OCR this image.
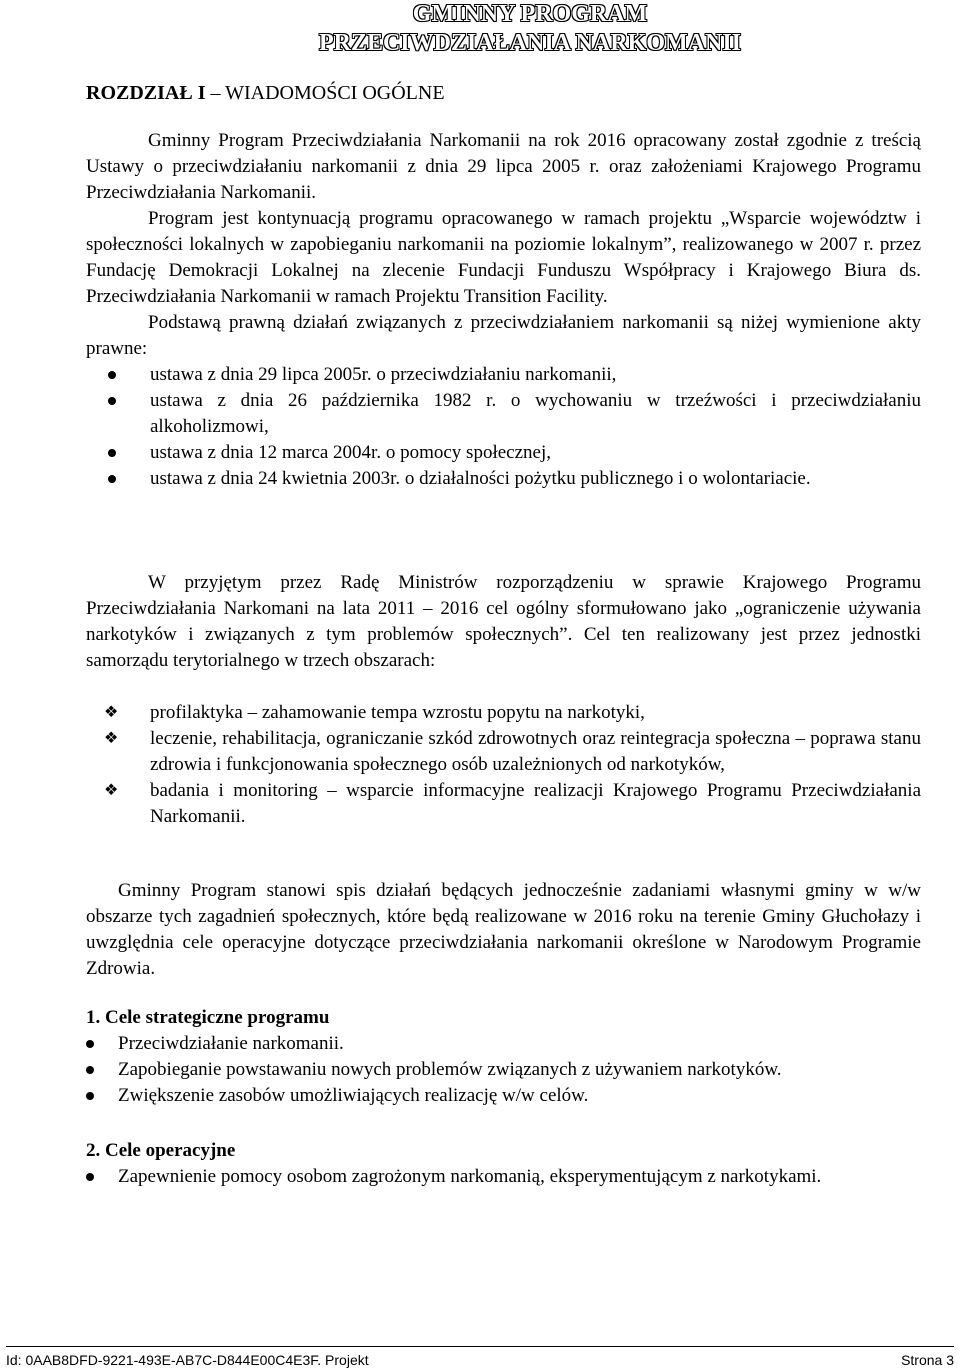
GMINNY PROGRAM
PRZECIWDZIAŁANIA NARKOMANII
ROZDZIAŁ I – WIADOMOŚCI OGÓLNE

Gminny Program Przeciwdziałania Narkomanii na rok 2016 opracowany został zgodnie z treścią Ustawy o przeciwdziałaniu narkomanii z dnia 29 lipca 2005 r. oraz założeniami Krajowego Programu Przeciwdziałania Narkomanii.

Program jest kontynuacją programu opracowanego w ramach projektu „Wsparcie województw i społeczności lokalnych w zapobieganiu narkomanii na poziomie lokalnym”, realizowanego w 2007 r. przez Fundację Demokracji Lokalnej na zlecenie Fundacji Funduszu Współpracy i Krajowego Biura ds. Przeciwdziałania Narkomanii w ramach Projektu Transition Facility.

Podstawą prawną działań związanych z przeciwdziałaniem narkomanii są niżej wymienione akty prawne:

ustawa z dnia 29 lipca 2005r. o przeciwdziałaniu narkomanii,
ustawa z dnia 26 października 1982 r. o wychowaniu w trzeźwości i przeciwdziałaniu alkoholizmowi,
ustawa z dnia 12 marca 2004r. o pomocy społecznej,
ustawa z dnia 24 kwietnia 2003r. o działalności pożytku publicznego i o wolontariacie.

W przyjętym przez Radę Ministrów rozporządzeniu w sprawie Krajowego Programu Przeciwdziałania Narkomani na lata 2011 – 2016 cel ogólny sformułowano jako „ograniczenie używania narkotyków i związanych z tym problemów społecznych”. Cel ten realizowany jest przez jednostki samorządu terytorialnego w trzech obszarach:

❖ profilaktyka – zahamowanie tempa wzrostu popytu na narkotyki,
❖ leczenie, rehabilitacja, ograniczanie szkód zdrowotnych oraz reintegracja społeczna – poprawa stanu zdrowia i funkcjonowania społecznego osób uzależnionych od narkotyków,
❖ badania i monitoring – wsparcie informacyjne realizacji Krajowego Programu Przeciwdziałania Narkomanii.

Gminny Program stanowi spis działań będących jednocześnie zadaniami własnymi gminy w w/w obszarze tych zagadnień społecznych, które będą realizowane w 2016 roku na terenie Gminy Głuchołazy i uwzględnia cele operacyjne dotyczące przeciwdziałania narkomanii określone w Narodowym Programie Zdrowia.

1. Cele strategiczne programu

Przeciwdziałanie narkomanii.
Zapobieganie powstawaniu nowych problemów związanych z używaniem narkotyków.
Zwiększenie zasobów umożliwiających realizację w/w celów.

2. Cele operacyjne

Zapewnienie pomocy osobom zagrożonym narkomanią, eksperymentującym z narkotykami.
Id: 0AAB8DFD-9221-493E-AB7C-D844E00C4E3F. Projekt	Strona 3
